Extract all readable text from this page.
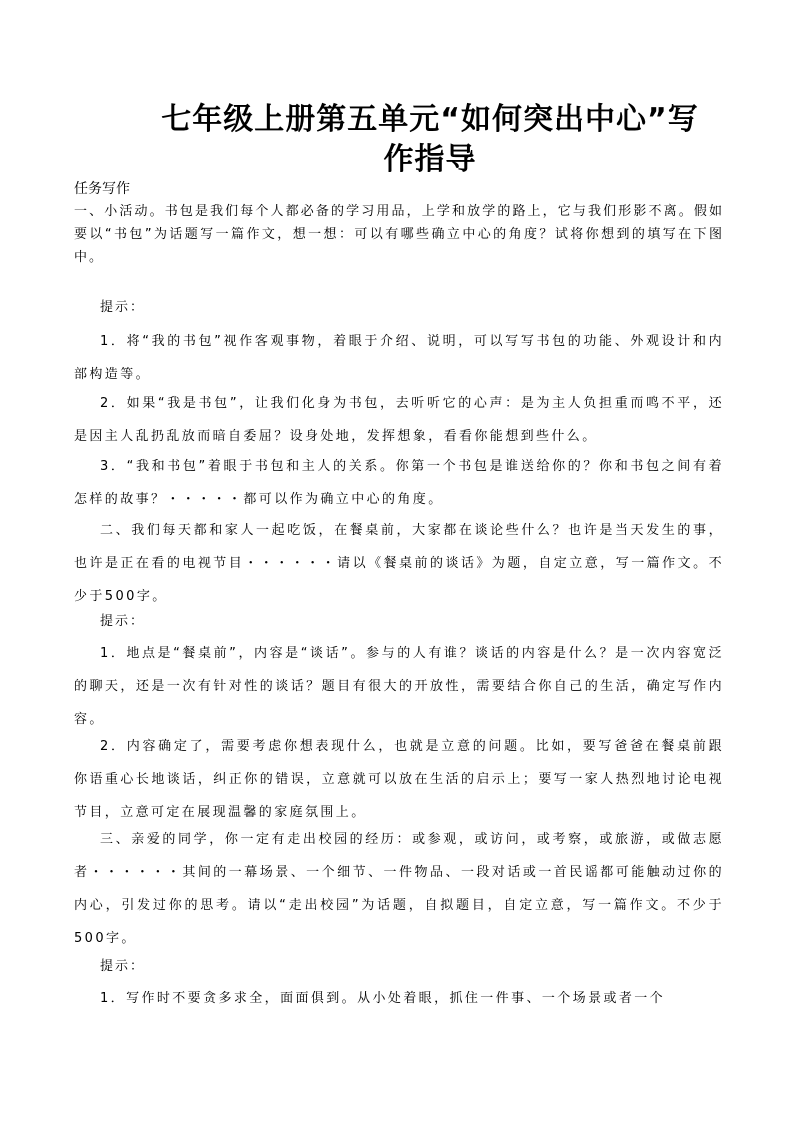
七年级上册第五单元“如何突出中心”写
作指导
任务写作
一、小活动。书包是我们每个人都必备的学习用品，上学和放学的路上，它与我们形影不离。假如要以“书包”为话题写一篇作文，想一想：可以有哪些确立中心的角度？试将你想到的填写在下图中。
提示：

1．将“我的书包”视作客观事物，着眼于介绍、说明，可以写写书包的功能、外观设计和内部构造等。

2．如果“我是书包”，让我们化身为书包，去听听它的心声：是为主人负担重而鸣不平，还是因主人乱扔乱放而暗自委屈？设身处地，发挥想象，看看你能想到些什么。

3．“我和书包”着眼于书包和主人的关系。你第一个书包是谁送给你的？你和书包之间有着怎样的故事？・・・・・都可以作为确立中心的角度。

二、我们每天都和家人一起吃饭，在餐桌前，大家都在谈论些什么？也许是当天发生的事，也许是正在看的电视节目・・・・・・请以《餐桌前的谈话》为题，自定立意，写一篇作文。不少于500字。

提示：

1．地点是“餐桌前”，内容是“谈话”。参与的人有谁？谈话的内容是什么？是一次内容宽泛的聊天，还是一次有针对性的谈话？题目有很大的开放性，需要结合你自己的生活，确定写作内容。

2．内容确定了，需要考虑你想表现什么，也就是立意的问题。比如，要写爸爸在餐桌前跟你语重心长地谈话，纠正你的错误，立意就可以放在生活的启示上；要写一家人热烈地讨论电视节目，立意可定在展现温馨的家庭氛围上。

三、亲爱的同学，你一定有走出校园的经历：或参观，或访问，或考察，或旅游，或做志愿者・・・・・・其间的一幕场景、一个细节、一件物品、一段对话或一首民谣都可能触动过你的内心，引发过你的思考。请以“走出校园”为话题，自拟题目，自定立意，写一篇作文。不少于500字。

提示：

1．写作时不要贪多求全，面面俱到。从小处着眼，抓住一件事、一个场景或者一个
